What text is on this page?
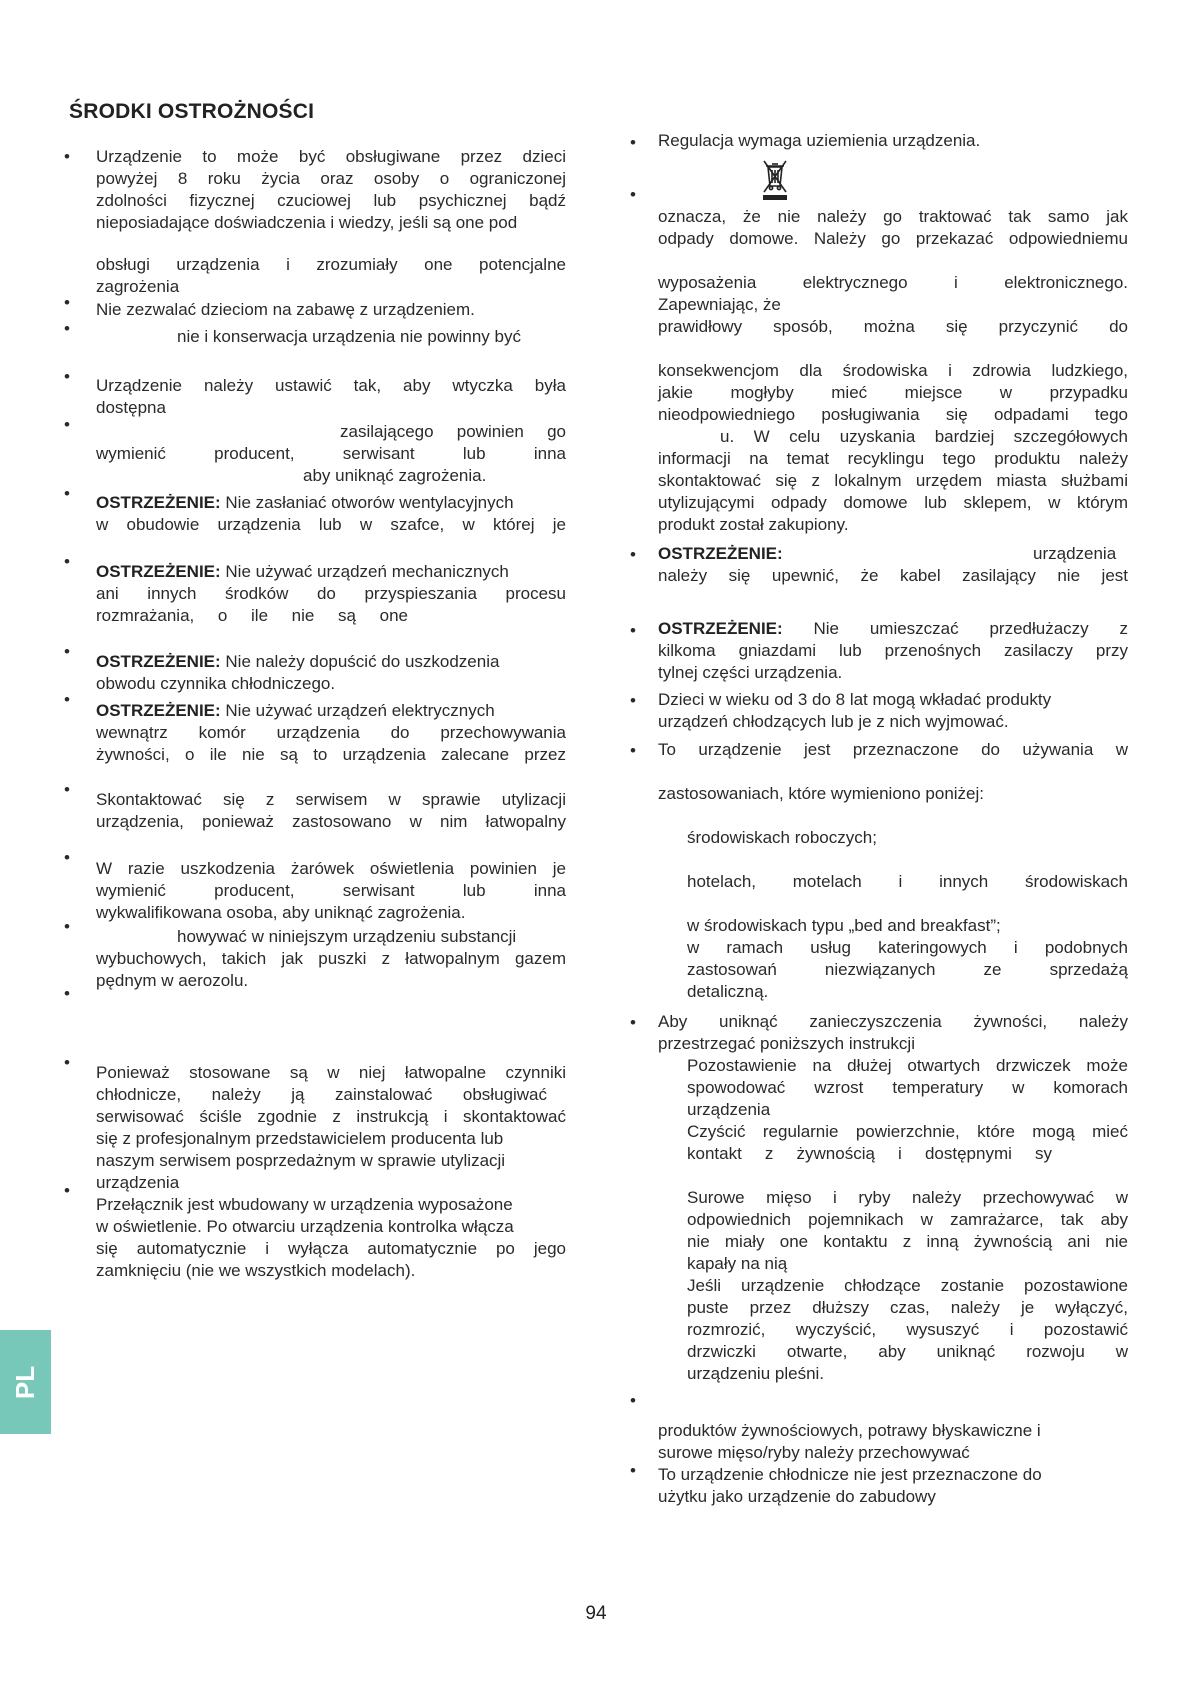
ŚRODKI OSTROŻNOŚCI
•
•
•
•
•
•
•
•
•
•
•
•
•
•
•
Urządzenie to może być obsługiwane przez dzieci
powyżej 8 roku życia oraz osoby o ograniczonej
zdolności fizycznej czuciowej lub psychicznej bądź
nieposiadające doświadczenia i wiedzy, jeśli są one pod
obsługi urządzenia i zrozumiały one potencjalne
zagrożenia
Nie zezwalać dzieciom na zabawę z urządzeniem.
nie i konserwacja urządzenia nie powinny być
Urządzenie należy ustawić tak, aby wtyczka była
dostępna
zasilającego powinien go
wymienić producent, serwisant lub inna
aby uniknąć zagrożenia.
OSTRZEŻENIE: Nie zasłaniać otworów wentylacyjnych
w obudowie urządzenia lub w szafce, w której je
OSTRZEŻENIE: Nie używać urządzeń mechanicznych
ani innych środków do przyspieszania procesu
rozmrażania, o ile nie są one
OSTRZEŻENIE: Nie należy dopuścić do uszkodzenia
obwodu czynnika chłodniczego.
OSTRZEŻENIE: Nie używać urządzeń elektrycznych
wewnątrz komór urządzenia do przechowywania
żywności, o ile nie są to urządzenia zalecane przez
Skontaktować się z serwisem w sprawie utylizacji
urządzenia, ponieważ zastosowano w nim łatwopalny
W razie uszkodzenia żarówek oświetlenia powinien je
wymienić producent, serwisant lub inna
wykwalifikowana osoba, aby uniknąć zagrożenia.
howywać w niniejszym urządzeniu substancji
wybuchowych, takich jak puszki z łatwopalnym gazem
pędnym w aerozolu.
Ponieważ stosowane są w niej łatwopalne czynniki
chłodnicze, należy ją zainstalować obsługiwać
serwisować ściśle zgodnie z instrukcją i skontaktować
się z profesjonalnym przedstawicielem producenta lub
naszym serwisem posprzedażnym w sprawie utylizacji
urządzenia
Przełącznik jest wbudowany w urządzenia wyposażone
w oświetlenie. Po otwarciu urządzenia kontrolka włącza
się automatycznie i wyłącza automatycznie po jego
zamknięciu (nie we wszystkich modelach).
•
•
•
•
•
•
•
•
•
Regulacja wymaga uziemienia urządzenia.
oznacza, że nie należy go traktować tak samo jak
odpady domowe. Należy go przekazać odpowiedniemu
wyposażenia elektrycznego i elektronicznego.
Zapewniając, że
prawidłowy sposób, można się przyczynić do
konsekwencjom dla środowiska i zdrowia ludzkiego,
jakie mogłyby mieć miejsce w przypadku
nieodpowiedniego posługiwania się odpadami tego
u. W celu uzyskania bardziej szczegółowych
informacji na temat recyklingu tego produktu należy
skontaktować się z lokalnym urzędem miasta służbami
utylizującymi odpady domowe lub sklepem, w którym
produkt został zakupiony.
OSTRZEŻENIE:	urządzenia
należy się upewnić, że kabel zasilający nie jest
OSTRZEŻENIE: Nie umieszczać przedłużaczy z
kilkoma gniazdami lub przenośnych zasilaczy przy
tylnej części urządzenia.
Dzieci w wieku od 3 do 8 lat mogą wkładać produkty
urządzeń chłodzących lub je z nich wyjmować.
To urządzenie jest przeznaczone do używania w
zastosowaniach, które wymieniono poniżej:
środowiskach roboczych;
hotelach, motelach i innych środowiskach
w środowiskach typu „bed and breakfast”;
w ramach usług kateringowych i podobnych
zastosowań niezwiązanych ze sprzedażą
detaliczną.
Aby uniknąć zanieczyszczenia żywności, należy
przestrzegać poniższych instrukcji
Pozostawienie na dłużej otwartych drzwiczek może
spowodować wzrost temperatury w komorach
urządzenia
Czyścić regularnie powierzchnie, które mogą mieć
kontakt z żywnością i dostępnymi sy
Surowe mięso i ryby należy przechowywać w
odpowiednich pojemnikach w zamrażarce, tak aby
nie miały one kontaktu z inną żywnością ani nie
kapały na nią
Jeśli urządzenie chłodzące zostanie pozostawione
puste przez dłuższy czas, należy je wyłączyć,
rozmrozić, wyczyścić, wysuszyć i pozostawić
drzwiczki otwarte, aby uniknąć rozwoju w
urządzeniu pleśni.
produktów żywnościowych, potrawy błyskawiczne i
surowe mięso/ryby należy przechowywać
To urządzenie chłodnicze nie jest przeznaczone do
użytku jako urządzenie do zabudowy
PL
94
